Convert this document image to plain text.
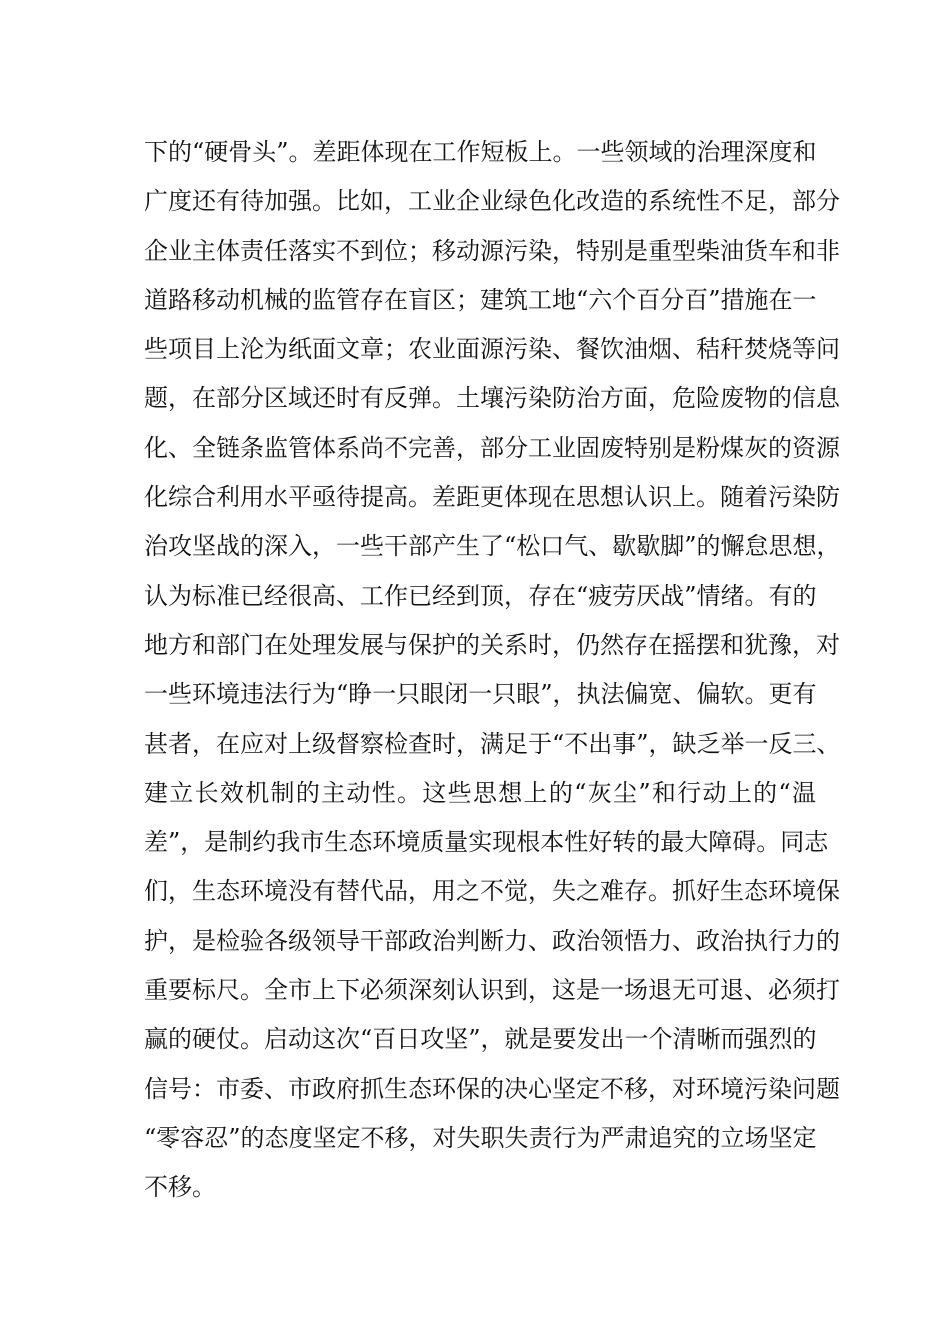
下的“硬骨头”。差距体现在工作短板上。一些领域的治理深度和
广度还有待加强。比如，工业企业绿色化改造的系统性不足，部分
企业主体责任落实不到位；移动源污染，特别是重型柴油货车和非
道路移动机械的监管存在盲区；建筑工地“六个百分百”措施在一
些项目上沦为纸面文章；农业面源污染、餐饮油烟、秸秆焚烧等问
题，在部分区域还时有反弹。土壤污染防治方面，危险废物的信息
化、全链条监管体系尚不完善，部分工业固废特别是粉煤灰的资源
化综合利用水平亟待提高。差距更体现在思想认识上。随着污染防
治攻坚战的深入，一些干部产生了“松口气、歇歇脚”的懈怠思想，
认为标准已经很高、工作已经到顶，存在“疲劳厌战”情绪。有的
地方和部门在处理发展与保护的关系时，仍然存在摇摆和犹豫，对
一些环境违法行为“睁一只眼闭一只眼”，执法偏宽、偏软。更有
甚者，在应对上级督察检查时，满足于“不出事”，缺乏举一反三、
建立长效机制的主动性。这些思想上的“灰尘”和行动上的“温
差”，是制约我市生态环境质量实现根本性好转的最大障碍。同志
们，生态环境没有替代品，用之不觉，失之难存。抓好生态环境保
护，是检验各级领导干部政治判断力、政治领悟力、政治执行力的
重要标尺。全市上下必须深刻认识到，这是一场退无可退、必须打
赢的硬仗。启动这次“百日攻坚”，就是要发出一个清晰而强烈的
信号：市委、市政府抓生态环保的决心坚定不移，对环境污染问题
“零容忍”的态度坚定不移，对失职失责行为严肃追究的立场坚定
不移。
